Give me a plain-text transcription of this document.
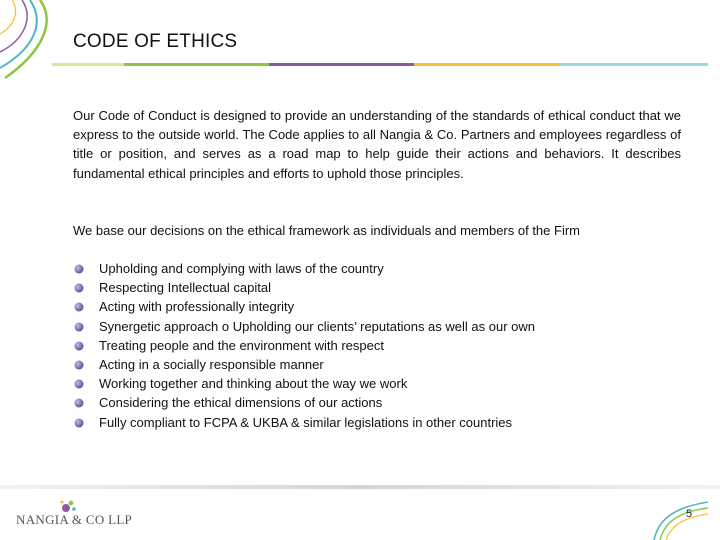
CODE OF ETHICS
Our Code of Conduct is designed to provide an understanding of the standards of ethical conduct that we express to the outside world. The Code applies to all Nangia & Co. Partners and employees regardless of title or position, and serves as a road map to help guide their actions and behaviors. It describes fundamental ethical principles and efforts to uphold those principles.
We base our decisions on the ethical framework as individuals and members of the Firm
Upholding and complying with laws of the country
Respecting Intellectual capital
Acting with professionally integrity
Synergetic approach o Upholding our clients’ reputations as well as our own
Treating people and the environment with respect
Acting in a socially responsible manner
Working together and thinking about the way we work
Considering the ethical dimensions of our actions
Fully compliant to FCPA & UKBA & similar legislations in other countries
NANGIA & CO LLP	5
